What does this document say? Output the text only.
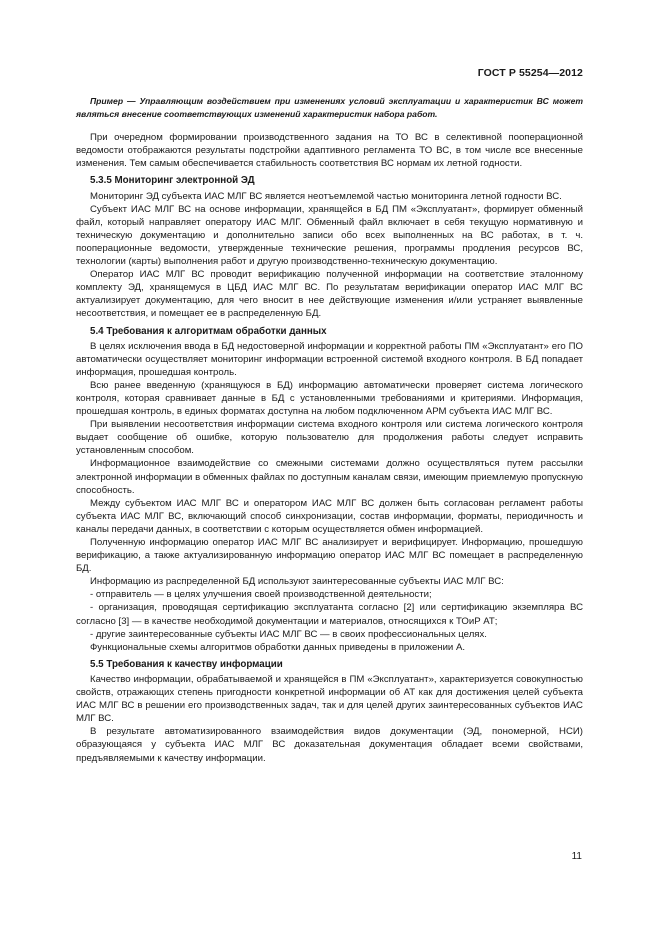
ГОСТ Р 55254—2012

Пример — Управляющим воздействием при изменениях условий эксплуатации и характеристик ВС может являться внесение соответствующих изменений характеристик набора работ.

При очередном формировании производственного задания на ТО ВС в селективной пооперационной ведомости отображаются результаты подстройки адаптивного регламента ТО ВС, в том числе все внесенные изменения. Тем самым обеспечивается стабильность соответствия ВС нормам их летной годности.

5.3.5 Мониторинг электронной ЭД

Мониторинг ЭД субъекта ИАС МЛГ ВС является неотъемлемой частью мониторинга летной годности ВС.

Субъект ИАС МЛГ ВС на основе информации, хранящейся в БД ПМ «Эксплуатант», формирует обменный файл, который направляет оператору ИАС МЛГ. Обменный файл включает в себя текущую нормативную и техническую документацию и дополнительно записи обо всех выполненных на ВС работах, в т. ч. пооперационные ведомости, утвержденные технические решения, программы продления ресурсов ВС, технологии (карты) выполнения работ и другую производственно-техническую документацию.

Оператор ИАС МЛГ ВС проводит верификацию полученной информации на соответствие эталонному комплекту ЭД, хранящемуся в ЦБД ИАС МЛГ ВС. По результатам верификации оператор ИАС МЛГ ВС актуализирует документацию, для чего вносит в нее действующие изменения и/или устраняет выявленные несоответствия, и помещает ее в распределенную БД.

5.4 Требования к алгоритмам обработки данных

В целях исключения ввода в БД недостоверной информации и корректной работы ПМ «Эксплуатант» его ПО автоматически осуществляет мониторинг информации встроенной системой входного контроля. В БД попадает информация, прошедшая контроль.

Всю ранее введенную (хранящуюся в БД) информацию автоматически проверяет система логического контроля, которая сравнивает данные в БД с установленными требованиями и критериями. Информация, прошедшая контроль, в единых форматах доступна на любом подключенном АРМ субъекта ИАС МЛГ ВС.

При выявлении несоответствия информации система входного контроля или система логического контроля выдает сообщение об ошибке, которую пользователю для продолжения работы следует исправить установленным способом.

Информационное взаимодействие со смежными системами должно осуществляться путем рассылки электронной информации в обменных файлах по доступным каналам связи, имеющим приемлемую пропускную способность.

Между субъектом ИАС МЛГ ВС и оператором ИАС МЛГ ВС должен быть согласован регламент работы субъекта ИАС МЛГ ВС, включающий способ синхронизации, состав информации, форматы, периодичность и каналы передачи данных, в соответствии с которым осуществляется обмен информацией.

Полученную информацию оператор ИАС МЛГ ВС анализирует и верифицирует. Информацию, прошедшую верификацию, а также актуализированную информацию оператор ИАС МЛГ ВС помещает в распределенную БД.

Информацию из распределенной БД используют заинтересованные субъекты ИАС МЛГ ВС:

- отправитель — в целях улучшения своей производственной деятельности;

- организация, проводящая сертификацию эксплуатанта согласно [2] или сертификацию экземпляра ВС согласно [3] — в качестве необходимой документации и материалов, относящихся к ТОиР АТ;

- другие заинтересованные субъекты ИАС МЛГ ВС — в своих профессиональных целях.

Функциональные схемы алгоритмов обработки данных приведены в приложении А.

5.5 Требования к качеству информации

Качество информации, обрабатываемой и хранящейся в ПМ «Эксплуатант», характеризуется совокупностью свойств, отражающих степень пригодности конкретной информации об АТ как для достижения целей субъекта ИАС МЛГ ВС в решении его производственных задач, так и для целей других заинтересованных субъектов ИАС МЛГ ВС.

В результате автоматизированного взаимодействия видов документации (ЭД, пономерной, НСИ) образующаяся у субъекта ИАС МЛГ ВС доказательная документация обладает всеми свойствами, предъявляемыми к качеству информации.

11
